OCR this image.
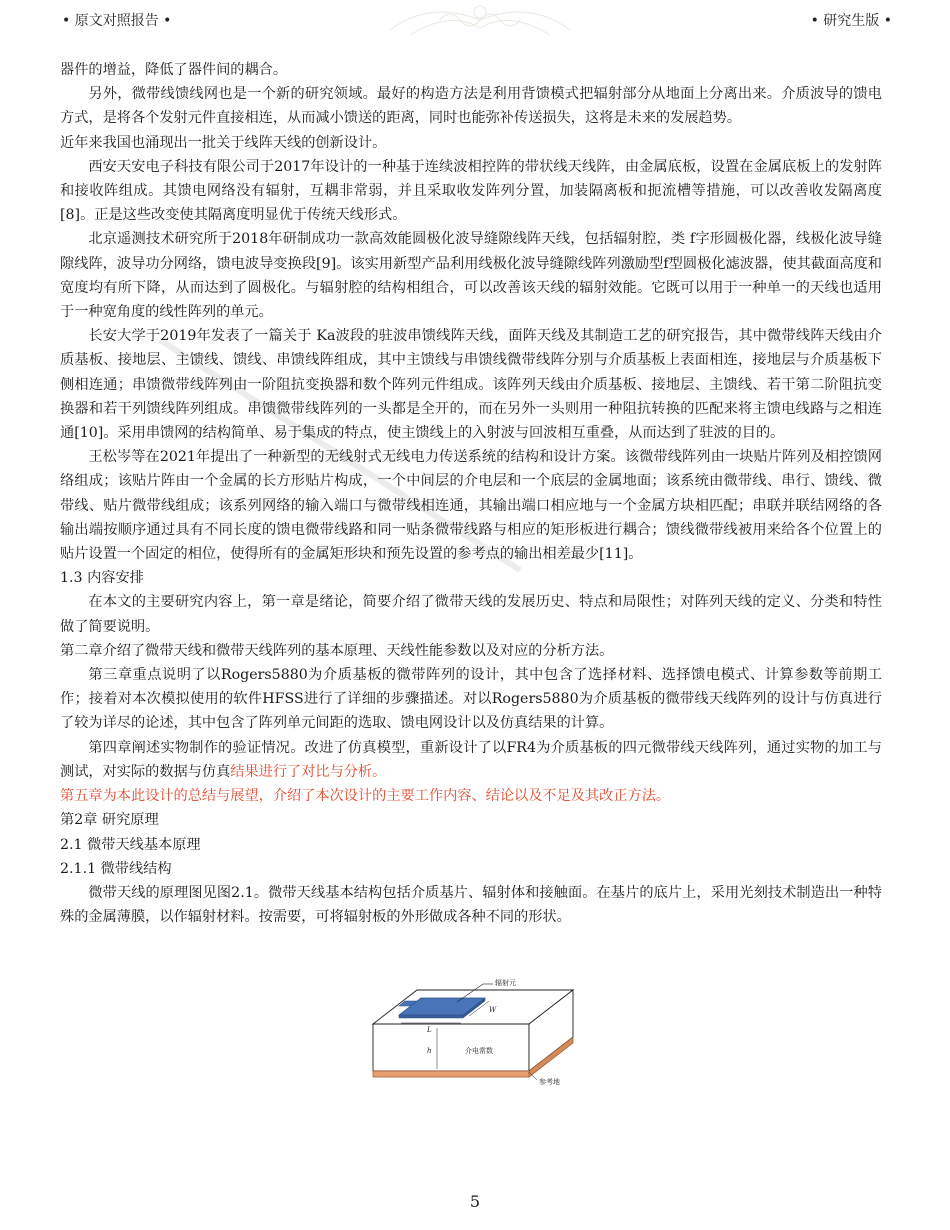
• 原文对照报告 •	• 研究生版 •

器件的增益，降低了器件间的耦合。

另外，微带线馈线网也是一个新的研究领域。最好的构造方法是利用背馈模式把辐射部分从地面上分离出来。介质波导的馈电方式，是将各个发射元件直接相连，从而减小馈送的距离，同时也能弥补传送损失，这将是未来的发展趋势。

近年来我国也涌现出一批关于线阵天线的创新设计。

西安天安电子科技有限公司于2017年设计的一种基于连续波相控阵的带状线天线阵，由金属底板，设置在金属底板上的发射阵和接收阵组成。其馈电网络没有辐射，互耦非常弱，并且采取收发阵列分置，加装隔离板和扼流槽等措施，可以改善收发隔离度[8]。正是这些改变使其隔离度明显优于传统天线形式。

北京遥测技术研究所于2018年研制成功一款高效能圆极化波导缝隙线阵天线，包括辐射腔，类 f字形圆极化器，线极化波导缝隙线阵，波导功分网络，馈电波导变换段[9]。该实用新型产品利用线极化波导缝隙线阵列激励型f型圆极化滤波器，使其截面高度和宽度均有所下降，从而达到了圆极化。与辐射腔的结构相组合，可以改善该天线的辐射效能。它既可以用于一种单一的天线也适用于一种宽角度的线性阵列的单元。

长安大学于2019年发表了一篇关于 Ka波段的驻波串馈线阵天线，面阵天线及其制造工艺的研究报告，其中微带线阵天线由介质基板、接地层、主馈线、馈线、串馈线阵组成，其中主馈线与串馈线微带线阵分别与介质基板上表面相连，接地层与介质基板下侧相连通；串馈微带线阵列由一阶阻抗变换器和数个阵列元件组成。该阵列天线由介质基板、接地层、主馈线、若干第二阶阻抗变换器和若干列馈线阵列组成。串馈微带线阵列的一头都是全开的，而在另外一头则用一种阻抗转换的匹配来将主馈电线路与之相连通[10]。采用串馈网的结构简单、易于集成的特点，使主馈线上的入射波与回波相互重叠，从而达到了驻波的目的。

王松岑等在2021年提出了一种新型的无线射式无线电力传送系统的结构和设计方案。该微带线阵列由一块贴片阵列及相控馈网络组成；该贴片阵由一个金属的长方形贴片构成，一个中间层的介电层和一个底层的金属地面；该系统由微带线、串行、馈线、微带线、贴片微带线组成；该系列网络的输入端口与微带线相连通，其输出端口相应地与一个金属方块相匹配；串联并联结网络的各输出端按顺序通过具有不同长度的馈电微带线路和同一贴条微带线路与相应的矩形板进行耦合；馈线微带线被用来给各个位置上的贴片设置一个固定的相位，使得所有的金属矩形块和预先设置的参考点的输出相差最少[11]。

1.3 内容安排

在本文的主要研究内容上，第一章是绪论，简要介绍了微带天线的发展历史、特点和局限性；对阵列天线的定义、分类和特性做了简要说明。

第二章介绍了微带天线和微带天线阵列的基本原理、天线性能参数以及对应的分析方法。

第三章重点说明了以Rogers5880为介质基板的微带阵列的设计，其中包含了选择材料、选择馈电模式、计算参数等前期工作；接着对本次模拟使用的软件HFSS进行了详细的步骤描述。对以Rogers5880为介质基板的微带线天线阵列的设计与仿真进行了较为详尽的论述，其中包含了阵列单元间距的选取、馈电网设计以及仿真结果的计算。

第四章阐述实物制作的验证情况。改进了仿真模型，重新设计了以FR4为介质基板的四元微带线天线阵列，通过实物的加工与测试，对实际的数据与仿真结果进行了对比与分析。

第五章为本此设计的总结与展望，介绍了本次设计的主要工作内容、结论以及不足及其改正方法。

第2章 研究原理

2.1 微带天线基本原理

2.1.1 微带线结构

微带天线的原理图见图2.1。微带天线基本结构包括介质基片、辐射体和接触面。在基片的底片上，采用光刻技术制造出一种特殊的金属薄膜，以作辐射材料。按需要，可将辐射板的外形做成各种不同的形状。

辐射元
W
L
h	介电常数
参考地
5
